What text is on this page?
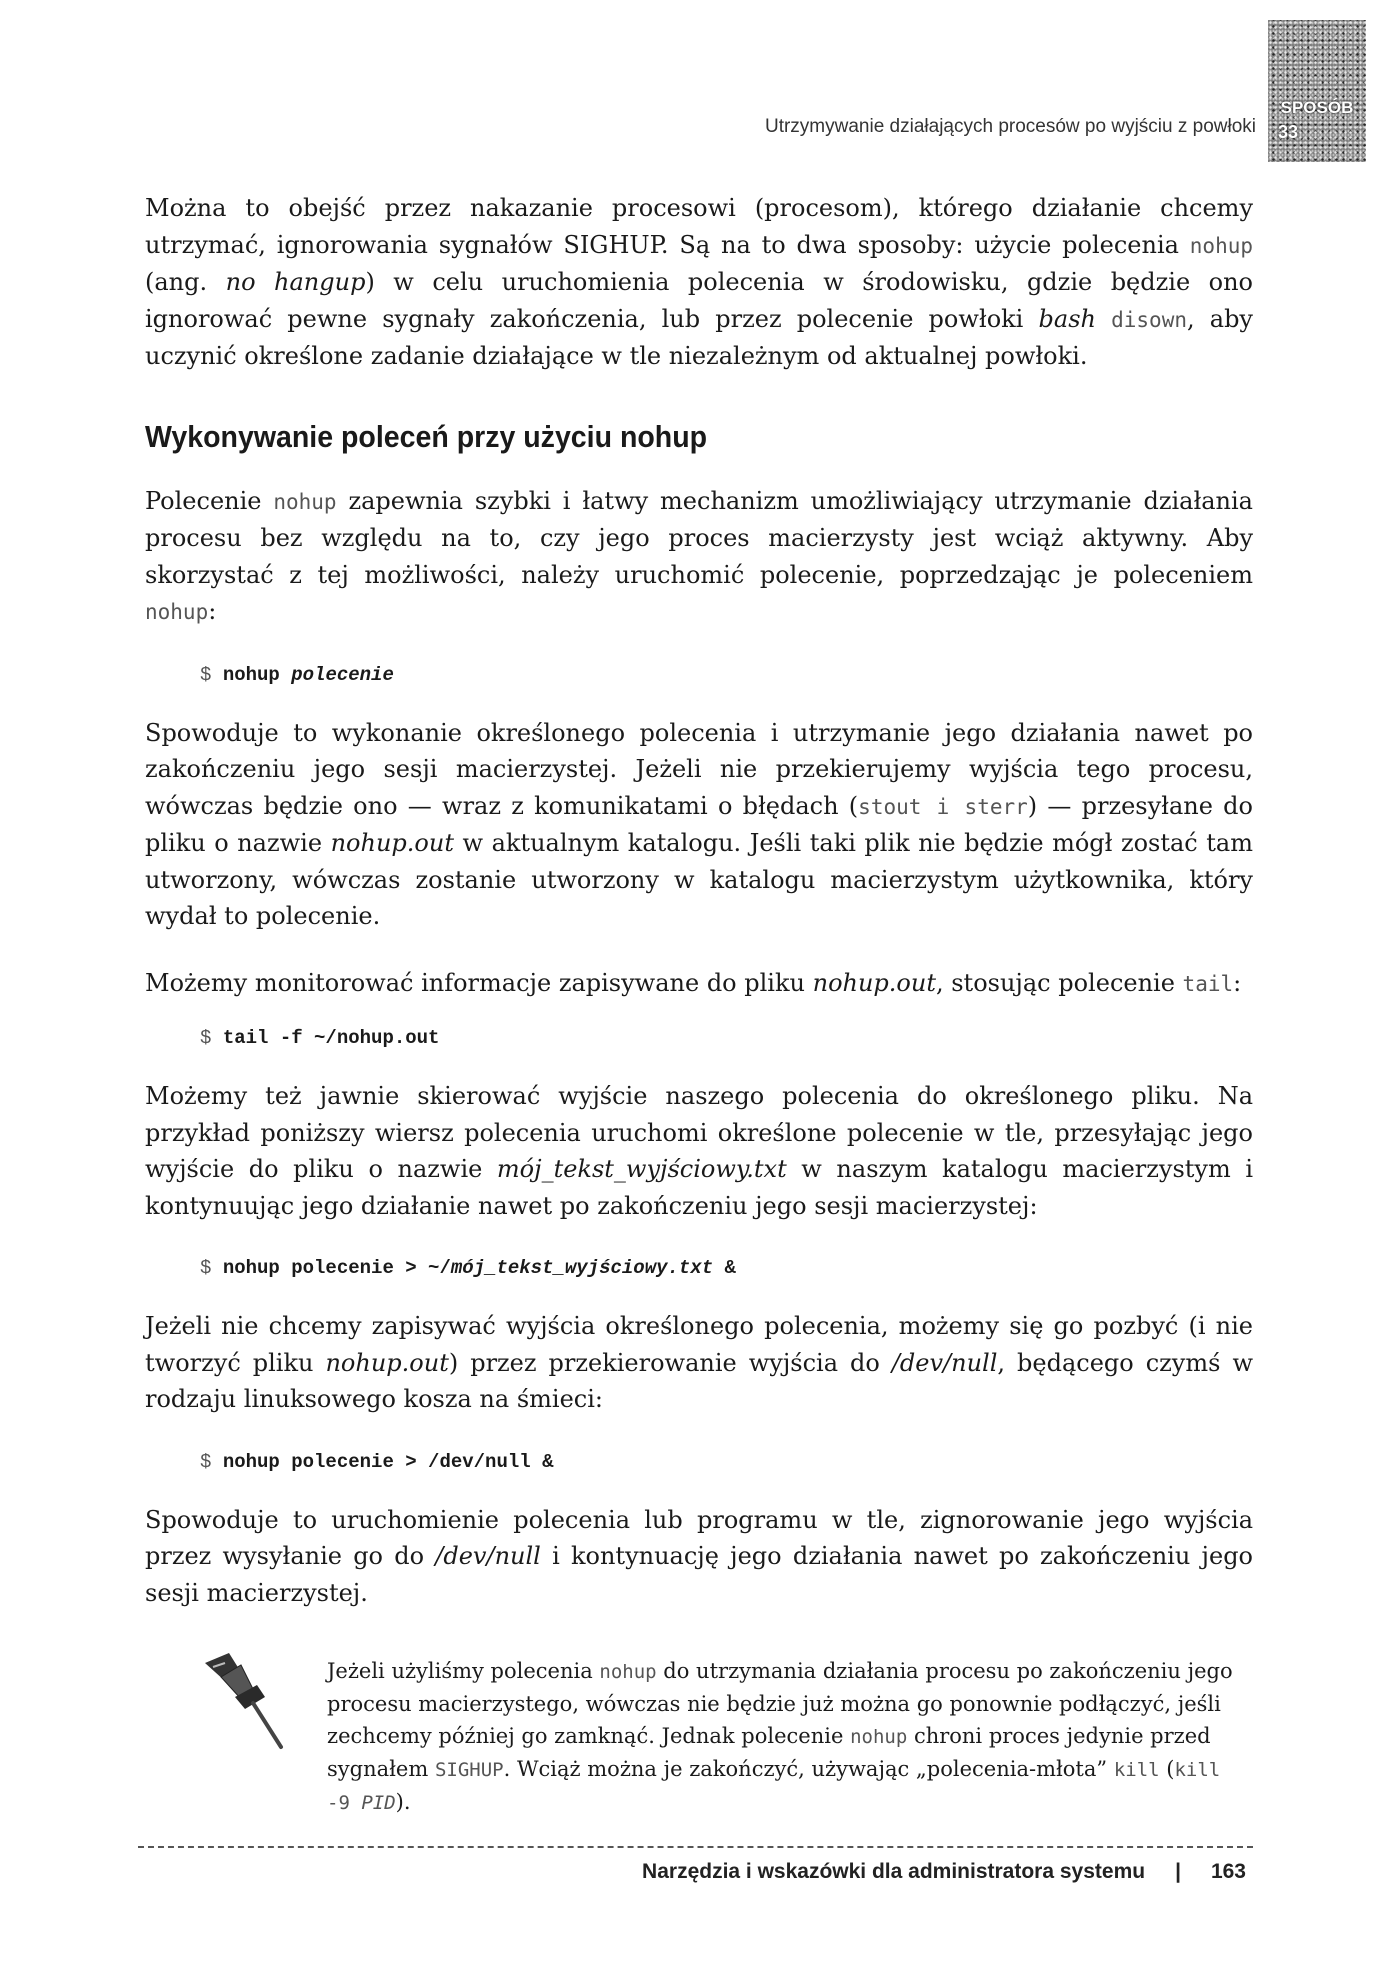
Utrzymywanie działających procesów po wyjściu z powłoki
SPOSÓB
33

Można to obejść przez nakazanie procesowi (procesom), którego działanie chcemy utrzymać, ignorowania sygnałów SIGHUP. Są na to dwa sposoby: użycie polecenia nohup (ang. no hangup) w celu uruchomienia polecenia w środowisku, gdzie będzie ono ignorować pewne sygnały zakończenia, lub przez polecenie powłoki bash disown, aby uczynić określone zadanie działające w tle niezależnym od aktualnej powłoki.

Wykonywanie poleceń przy użyciu nohup

Polecenie nohup zapewnia szybki i łatwy mechanizm umożliwiający utrzymanie działania procesu bez względu na to, czy jego proces macierzysty jest wciąż aktywny. Aby skorzystać z tej możliwości, należy uruchomić polecenie, poprzedzając je poleceniem nohup:

$ nohup polecenie

Spowoduje to wykonanie określonego polecenia i utrzymanie jego działania nawet po zakończeniu jego sesji macierzystej. Jeżeli nie przekierujemy wyjścia tego procesu, wówczas będzie ono — wraz z komunikatami o błędach (stout i sterr) — przesyłane do pliku o nazwie nohup.out w aktualnym katalogu. Jeśli taki plik nie będzie mógł zostać tam utworzony, wówczas zostanie utworzony w katalogu macierzystym użytkownika, który wydał to polecenie.

Możemy monitorować informacje zapisywane do pliku nohup.out, stosując polecenie tail:

$ tail -f ~/nohup.out

Możemy też jawnie skierować wyjście naszego polecenia do określonego pliku. Na przykład poniższy wiersz polecenia uruchomi określone polecenie w tle, przesyłając jego wyjście do pliku o nazwie mój_tekst_wyjściowy.txt w naszym katalogu macierzystym i kontynuując jego działanie nawet po zakończeniu jego sesji macierzystej:

$ nohup polecenie > ~/mój_tekst_wyjściowy.txt &

Jeżeli nie chcemy zapisywać wyjścia określonego polecenia, możemy się go pozbyć (i nie tworzyć pliku nohup.out) przez przekierowanie wyjścia do /dev/null, będącego czymś w rodzaju linuksowego kosza na śmieci:

$ nohup polecenie > /dev/null &

Spowoduje to uruchomienie polecenia lub programu w tle, zignorowanie jego wyjścia przez wysyłanie go do /dev/null i kontynuację jego działania nawet po zakończeniu jego sesji macierzystej.

Jeżeli użyliśmy polecenia nohup do utrzymania działania procesu po zakończeniu jego procesu macierzystego, wówczas nie będzie już można go ponownie podłączyć, jeśli zechcemy później go zamknąć. Jednak polecenie nohup chroni proces jedynie przed sygnałem SIGHUP. Wciąż można je zakończyć, używając „polecenia-młota” kill (kill -9 PID).

Narzędzia i wskazówki dla administratora systemu | 163
